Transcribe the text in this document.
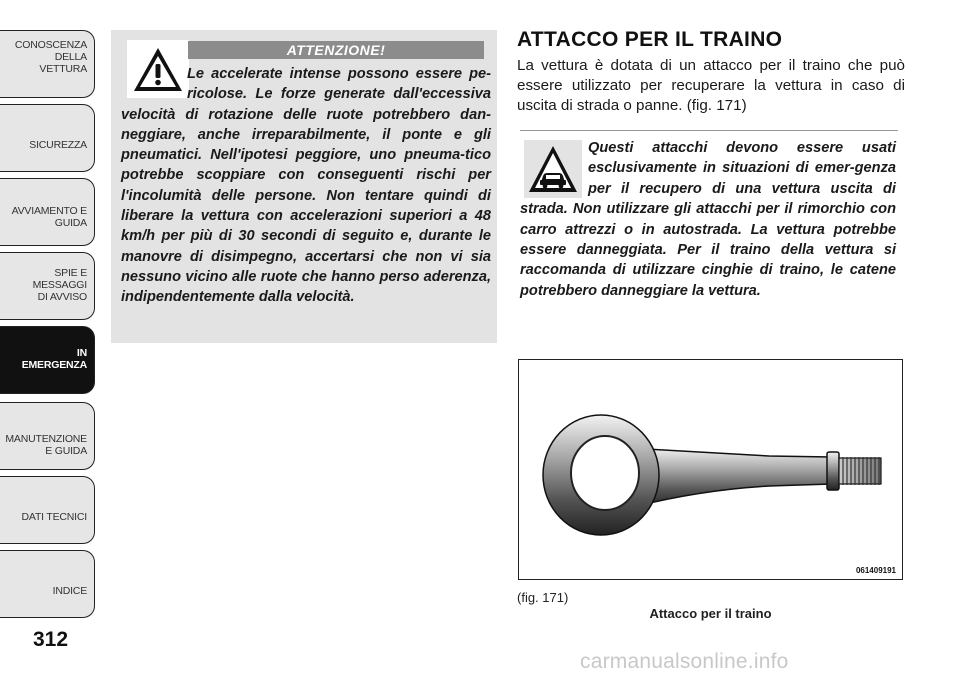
CONOSCENZA DELLA
VETTURA
SICUREZZA
AVVIAMENTO E
GUIDA
SPIE E
MESSAGGI
DI AVVISO
IN
EMERGENZA
MANUTENZIONE
E GUIDA
DATI TECNICI
INDICE
312
ATTENZIONE!
Le accelerate intense possono essere pe-ricolose. Le forze generate dall'eccessiva velocità di rotazione delle ruote potrebbero dan-neggiare, anche irreparabilmente, il ponte e gli pneumatici. Nell'ipotesi peggiore, uno pneuma-tico potrebbe scoppiare con conseguenti rischi per l'incolumità delle persone. Non tentare quindi di liberare la vettura con accelerazioni superiori a 48 km/h per più di 30 secondi di seguito e, durante le manovre di disimpegno, accertarsi che non vi sia nessuno vicino alle ruote che hanno perso aderenza, indipendentemente dalla velocità.
ATTACCO PER IL TRAINO

La vettura è dotata di un attacco per il traino che può essere utilizzato per recuperare la vettura in caso di uscita di strada o panne. (fig. 171)

Questi attacchi devono essere usati esclusivamente in situazioni di emer-genza per il recupero di una vettura uscita di strada. Non utilizzare gli attacchi per il rimorchio con carro attrezzi o in autostrada. La vettura potrebbe essere danneggiata. Per il traino della vettura si raccomanda di utilizzare cinghie di traino, le catene potrebbero danneggiare la vettura.
061409191
(fig. 171)
Attacco per il traino
carmanualsonline.info
